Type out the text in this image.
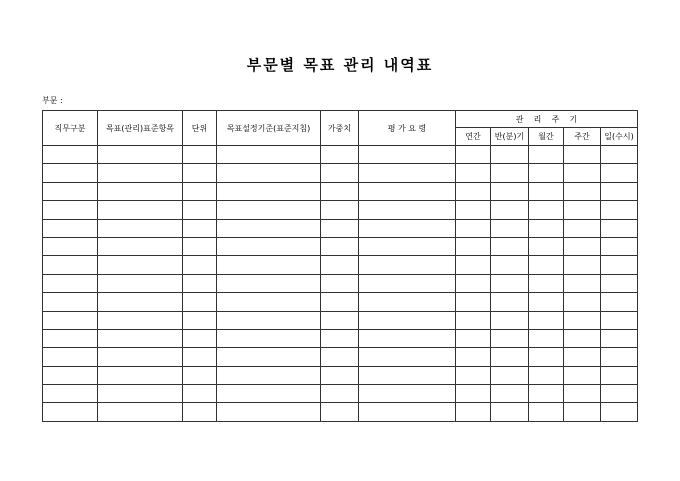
부문별 목표 관리 내역표
부문 :
직무구분	목표(관리)표준항목	단위	목표설정기준(표준지침)	가중치	평 가 요 령	관    리    주    기				
						연간	반(분)기	월간	주간	일(수시)
